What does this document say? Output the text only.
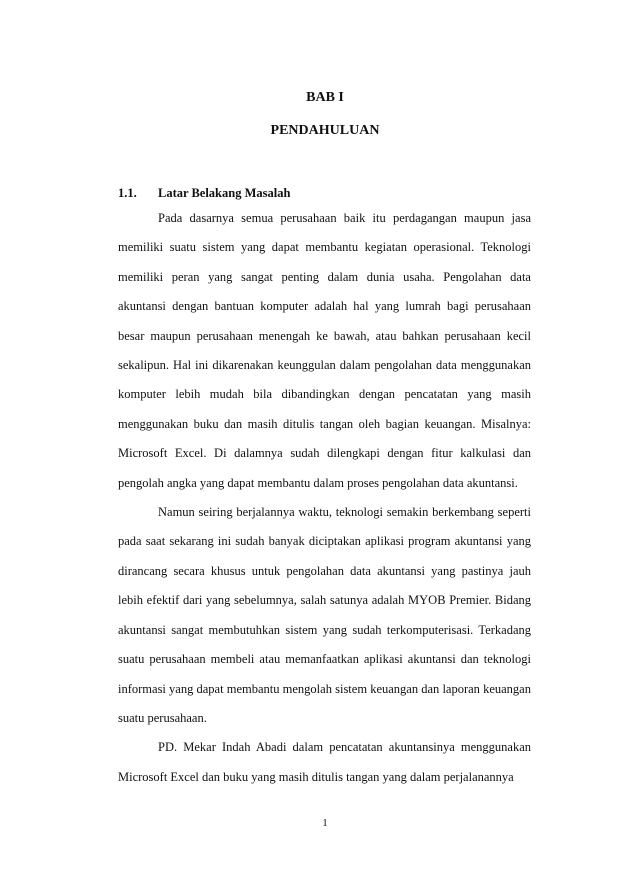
BAB I
PENDAHULUAN
1.1. Latar Belakang Masalah

Pada dasarnya semua perusahaan baik itu perdagangan maupun jasa memiliki suatu sistem yang dapat membantu kegiatan operasional. Teknologi memiliki peran yang sangat penting dalam dunia usaha. Pengolahan data akuntansi dengan bantuan komputer adalah hal yang lumrah bagi perusahaan besar maupun perusahaan menengah ke bawah, atau bahkan perusahaan kecil sekalipun. Hal ini dikarenakan keunggulan dalam pengolahan data menggunakan komputer lebih mudah bila dibandingkan dengan pencatatan yang masih menggunakan buku dan masih ditulis tangan oleh bagian keuangan. Misalnya: Microsoft Excel. Di dalamnya sudah dilengkapi dengan fitur kalkulasi dan pengolah angka yang dapat membantu dalam proses pengolahan data akuntansi.

Namun seiring berjalannya waktu, teknologi semakin berkembang seperti pada saat sekarang ini sudah banyak diciptakan aplikasi program akuntansi yang dirancang secara khusus untuk pengolahan data akuntansi yang pastinya jauh lebih efektif dari yang sebelumnya, salah satunya adalah MYOB Premier. Bidang akuntansi sangat membutuhkan sistem yang sudah terkomputerisasi. Terkadang suatu perusahaan membeli atau memanfaatkan aplikasi akuntansi dan teknologi informasi yang dapat membantu mengolah sistem keuangan dan laporan keuangan suatu perusahaan.

PD. Mekar Indah Abadi dalam pencatatan akuntansinya menggunakan Microsoft Excel dan buku yang masih ditulis tangan yang dalam perjalanannya

1
